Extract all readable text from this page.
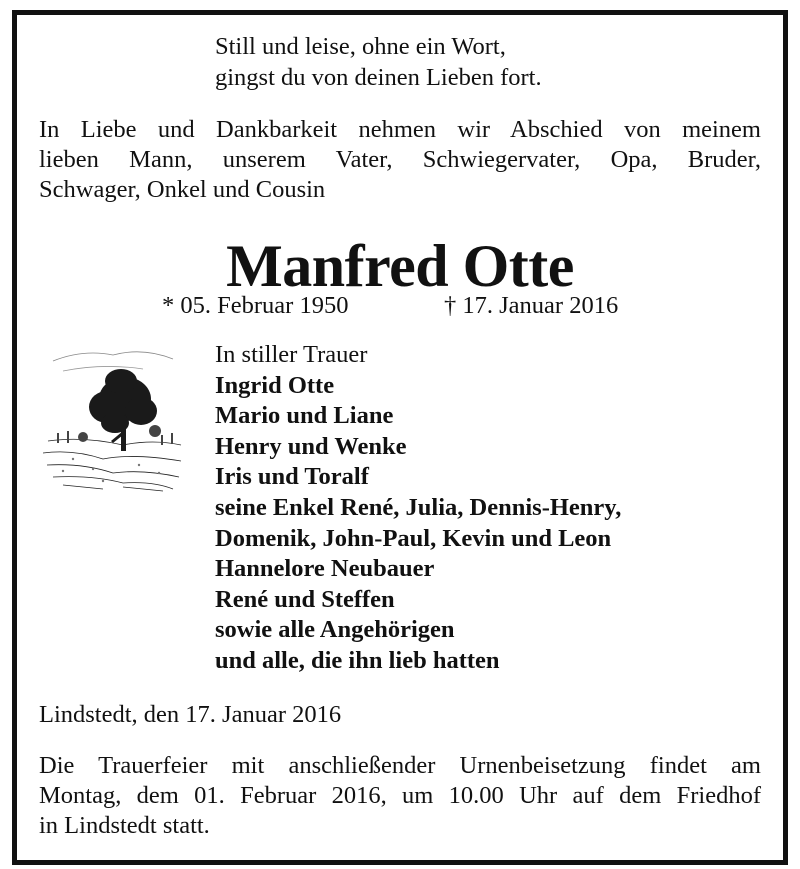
Still und leise, ohne ein Wort,
gingst du von deinen Lieben fort.
In Liebe und Dankbarkeit nehmen wir Abschied von meinem
lieben Mann, unserem Vater, Schwiegervater, Opa, Bruder,
Schwager, Onkel und Cousin
Manfred Otte
* 05. Februar 1950	† 17. Januar 2016
In stiller Trauer
Ingrid Otte
Mario und Liane
Henry und Wenke
Iris und Toralf
seine Enkel René, Julia, Dennis-Henry,
Domenik, John-Paul, Kevin und Leon
Hannelore Neubauer
René und Steffen
sowie alle Angehörigen
und alle, die ihn lieb hatten
Lindstedt, den 17. Januar 2016
Die Trauerfeier mit anschließender Urnenbeisetzung findet am
Montag, dem 01. Februar 2016, um 10.00 Uhr auf dem Friedhof
in Lindstedt statt.
